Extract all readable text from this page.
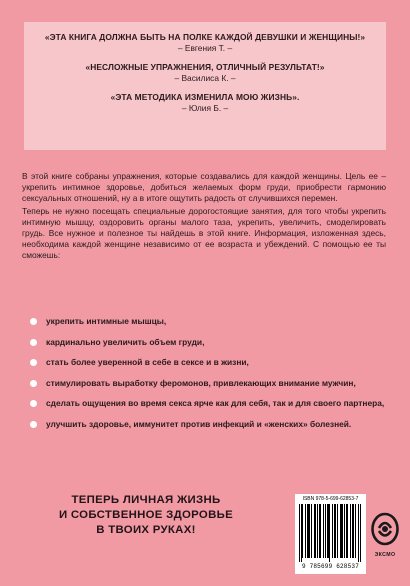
«ЭТА КНИГА ДОЛЖНА БЫТЬ НА ПОЛКЕ КАЖДОЙ ДЕВУШКИ И ЖЕНЩИНЫ!»
– Евгения Т. –
«НЕСЛОЖНЫЕ УПРАЖНЕНИЯ, ОТЛИЧНЫЙ РЕЗУЛЬТАТ!»
– Василиса К. –
«ЭТА МЕТОДИКА ИЗМЕНИЛА МОЮ ЖИЗНЬ».
– Юлия Б. –

В этой книге собраны упражнения, которые создавались для каждой женщины. Цель ее – укрепить интимное здоровье, добиться желаемых форм груди, приобрести гармонию сексуальных отношений, ну а в итоге ощутить радость от случившихся перемен.

Теперь не нужно посещать специальные дорогостоящие занятия, для того чтобы укрепить интимную мышцу, оздоровить органы малого таза, укрепить, увеличить, смоделировать грудь. Все нужное и полезное ты найдешь в этой книге. Информация, изложенная здесь, необходима каждой женщине независимо от ее возраста и убеждений. С помощью ее ты сможешь:

укрепить интимные мышцы,
кардинально увеличить объем груди,
стать более уверенной в себе в сексе и в жизни,
стимулировать выработку феромонов, привлекающих внимание мужчин,
сделать ощущения во время секса ярче как для себя, так и для своего партнера,
улучшить здоровье, иммунитет против инфекций и «женских» болезней.
ТЕПЕРЬ ЛИЧНАЯ ЖИЗНЬ
И СОБСТВЕННОЕ ЗДОРОВЬЕ
В ТВОИХ РУКАХ!
ISBN 978-5-699-62853-7
9 785699 628537
ЭКСМО
